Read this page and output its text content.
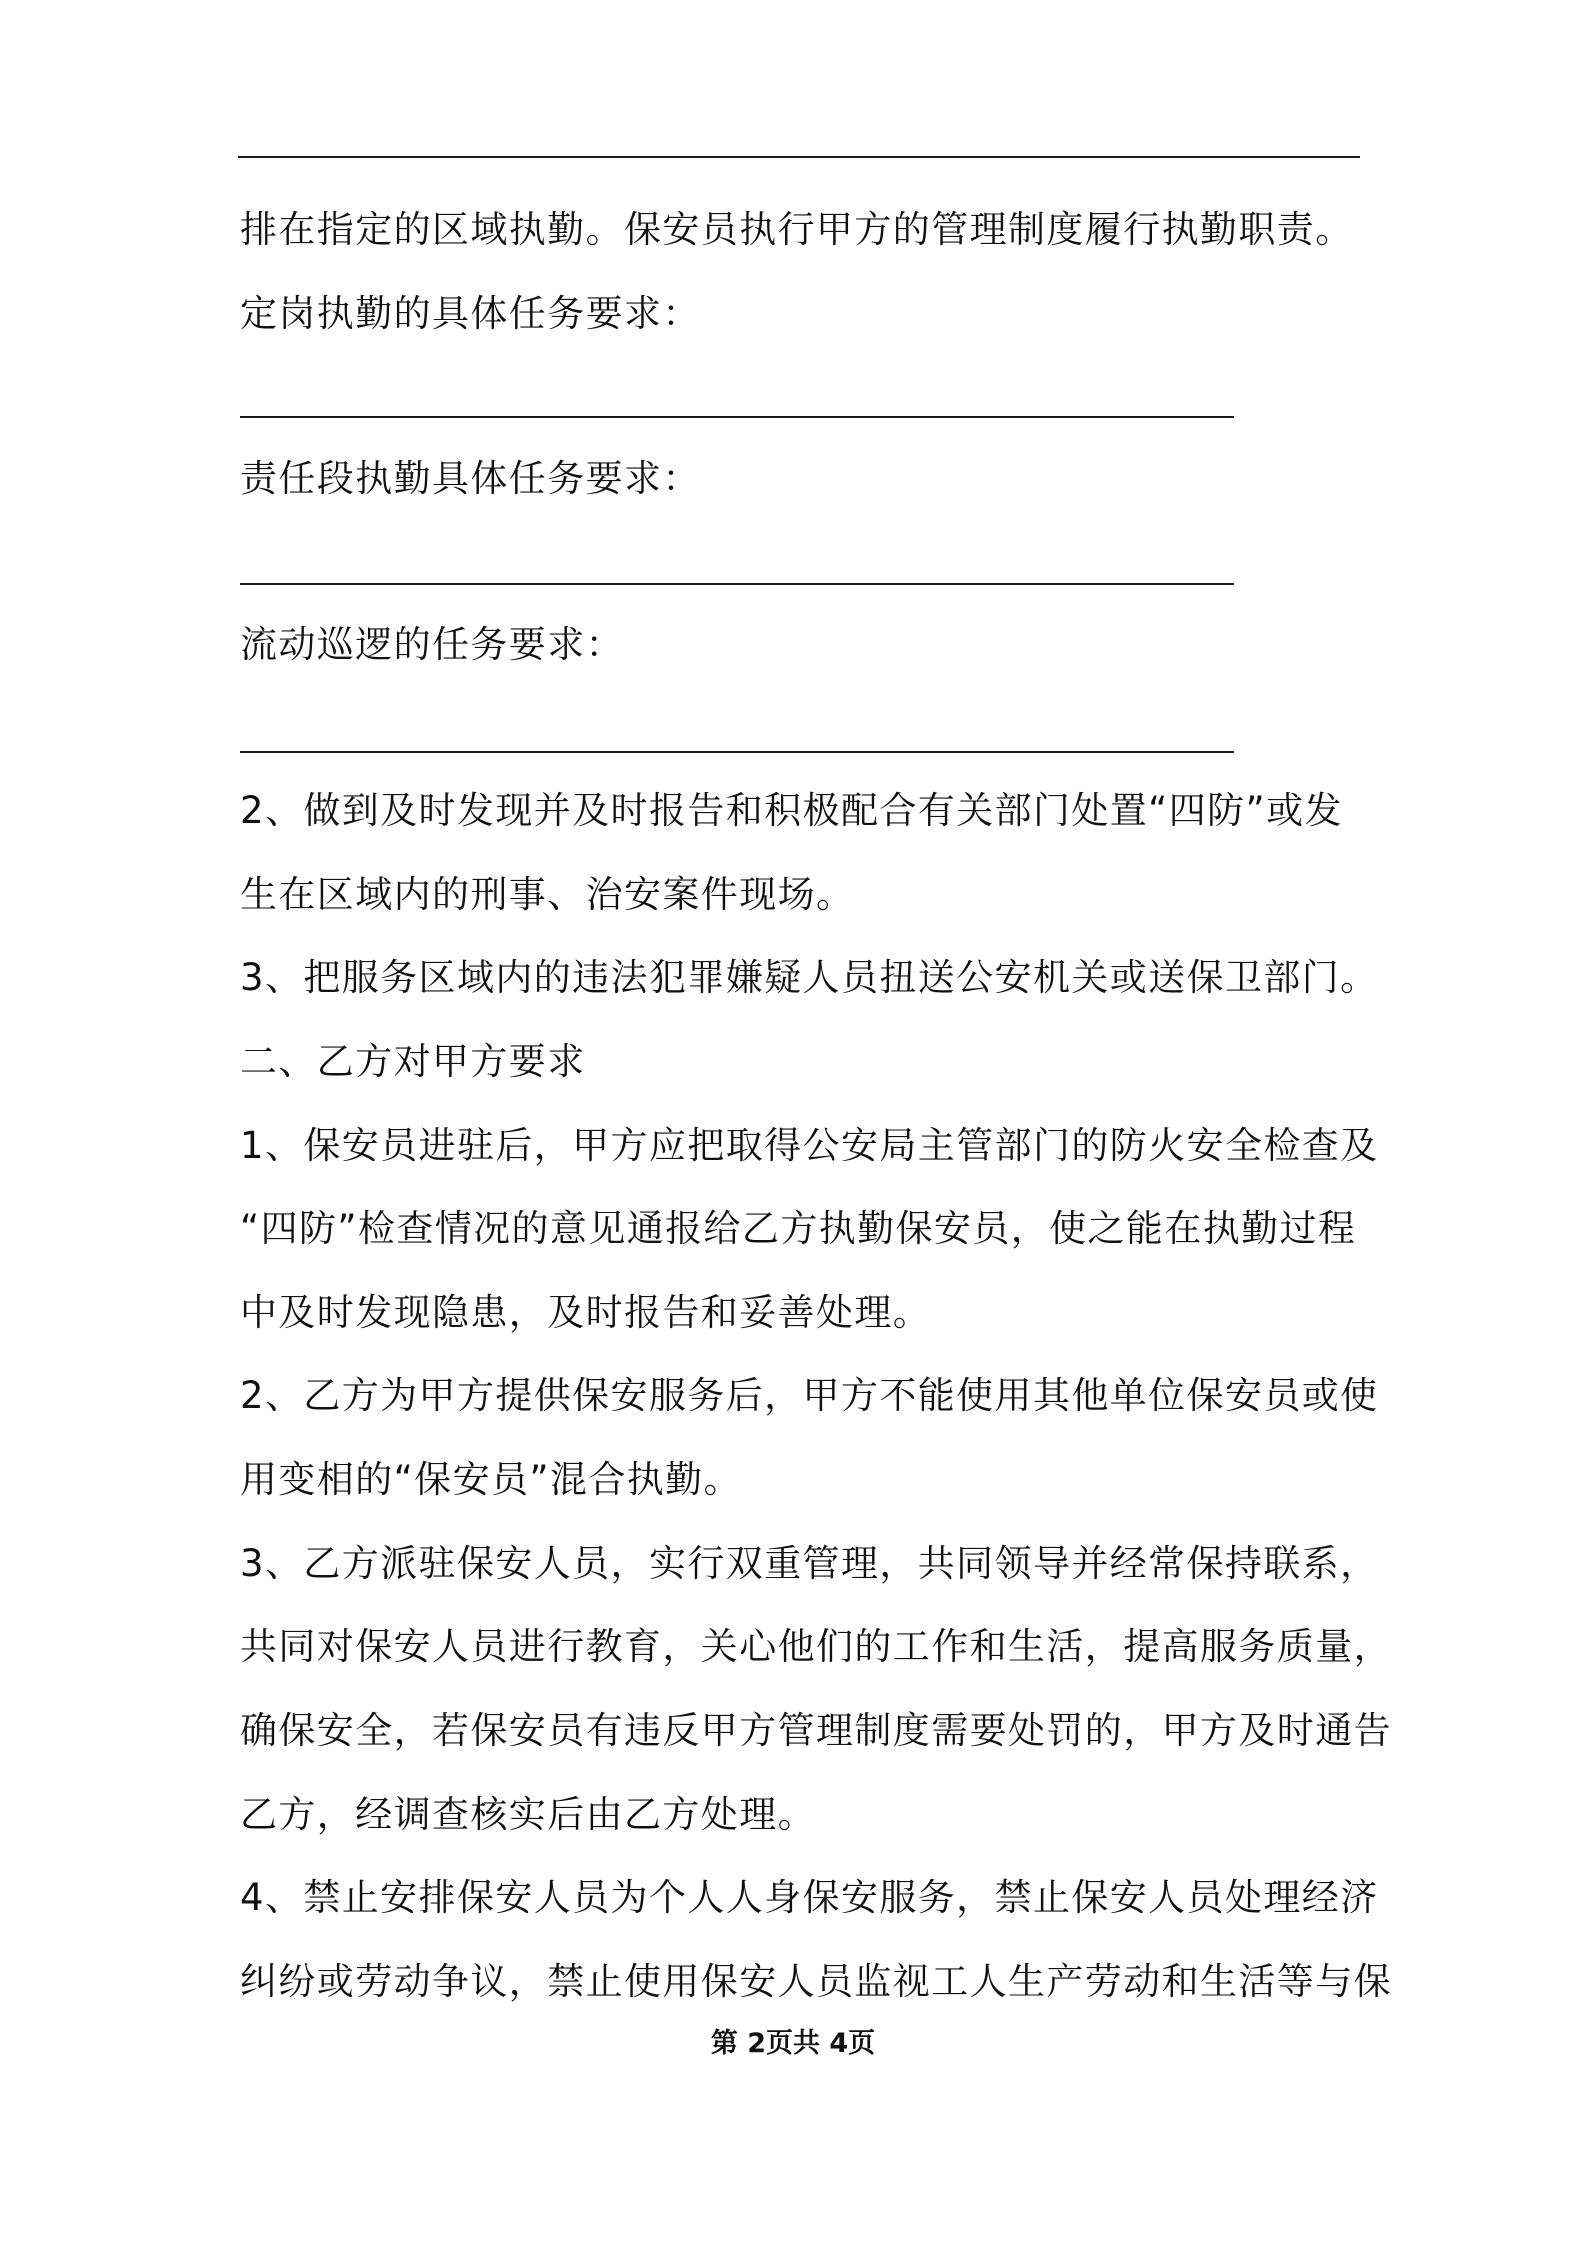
排在指定的区域执勤。保安员执行甲方的管理制度履行执勤职责。
定岗执勤的具体任务要求：
责任段执勤具体任务要求：
流动巡逻的任务要求：
2、做到及时发现并及时报告和积极配合有关部门处置“四防”或发
生在区域内的刑事、治安案件现场。
3、把服务区域内的违法犯罪嫌疑人员扭送公安机关或送保卫部门。
二、乙方对甲方要求
1、保安员进驻后，甲方应把取得公安局主管部门的防火安全检查及
“四防”检查情况的意见通报给乙方执勤保安员，使之能在执勤过程
中及时发现隐患，及时报告和妥善处理。
2、乙方为甲方提供保安服务后，甲方不能使用其他单位保安员或使
用变相的“保安员”混合执勤。
3、乙方派驻保安人员，实行双重管理，共同领导并经常保持联系，
共同对保安人员进行教育，关心他们的工作和生活，提高服务质量，
确保安全，若保安员有违反甲方管理制度需要处罚的，甲方及时通告
乙方，经调查核实后由乙方处理。
4、禁止安排保安人员为个人人身保安服务，禁止保安人员处理经济
纠纷或劳动争议，禁止使用保安人员监视工人生产劳动和生活等与保
第 2页共 4页
